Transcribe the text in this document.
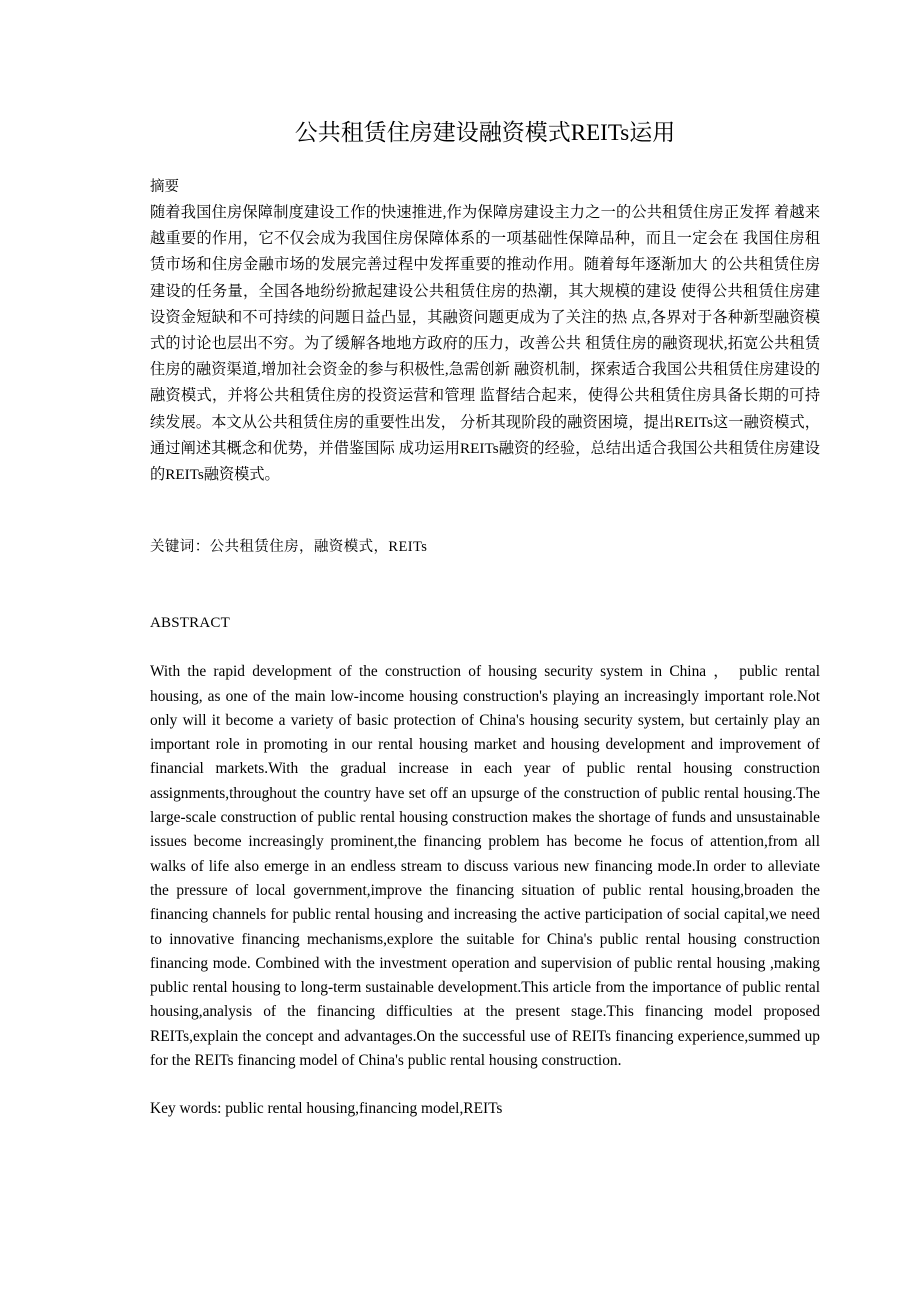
公共租赁住房建设融资模式REITs运用
摘要
随着我国住房保障制度建设工作的快速推进,作为保障房建设主力之一的公共租赁住房正发挥 着越来越重要的作用，它不仅会成为我国住房保障体系的一项基础性保障品种，而且一定会在 我国住房租赁市场和住房金融市场的发展完善过程中发挥重要的推动作用。随着每年逐渐加大 的公共租赁住房建设的任务量，全国各地纷纷掀起建设公共租赁住房的热潮，其大规模的建设 使得公共租赁住房建设资金短缺和不可持续的问题日益凸显，其融资问题更成为了关注的热 点,各界对于各种新型融资模式的讨论也层出不穷。为了缓解各地地方政府的压力，改善公共 租赁住房的融资现状,拓宽公共租赁住房的融资渠道,增加社会资金的参与积极性,急需创新 融资机制，探索适合我国公共租赁住房建设的融资模式，并将公共租赁住房的投资运营和管理 监督结合起来，使得公共租赁住房具备长期的可持续发展。本文从公共租赁住房的重要性出发， 分析其现阶段的融资困境，提出REITs这一融资模式，通过阐述其概念和优势，并借鉴国际 成功运用REITs融资的经验，总结出适合我国公共租赁住房建设的REITs融资模式。
关键词：公共租赁住房，融资模式，REITs
ABSTRACT
With the rapid development of the construction of housing security system in China ， public rental housing, as one of the main low-income housing construction's playing an increasingly important role.Not only will it become a variety of basic protection of China's housing security system, but certainly play an important role in promoting in our rental housing market and housing development and improvement of financial markets.With the gradual increase in each year of public rental housing construction assignments,throughout the country have set off an upsurge of the construction of public rental housing.The large-scale construction of public rental housing construction makes the shortage of funds and unsustainable issues become increasingly prominent,the financing problem has become he focus of attention,from all walks of life also emerge in an endless stream to discuss various new financing mode.In order to alleviate the pressure of local government,improve the financing situation of public rental housing,broaden the financing channels for public rental housing and increasing the active participation of social capital,we need to innovative financing mechanisms,explore the suitable for China's public rental housing construction financing mode. Combined with the investment operation and supervision of public rental housing ,making public rental housing to long-term sustainable development.This article from the importance of public rental housing,analysis of the financing difficulties at the present stage.This financing model proposed REITs,explain the concept and advantages.On the successful use of REITs financing experience,summed up for the REITs financing model of China's public rental housing construction.
Key words: public rental housing,financing model,REITs
